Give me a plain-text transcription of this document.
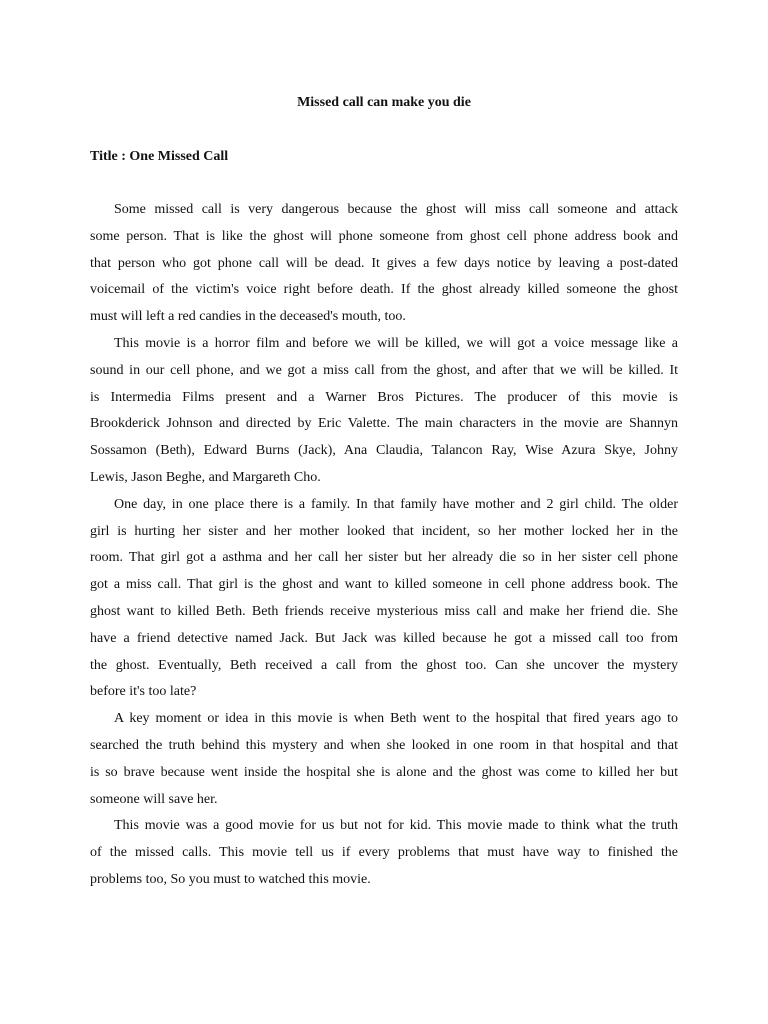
Missed call can make you die
Title : One Missed Call
Some missed call is very dangerous because the ghost will miss call someone and attack
some person. That is like the ghost will phone someone from ghost cell phone address book and
that person who got phone call will be dead. It gives a few days notice by leaving a post-dated
voicemail of the victim's voice right before death. If the ghost already killed someone the ghost
must will left a red candies in the deceased's mouth, too.
This movie is a horror film and before we will be killed, we will got a voice message like a
sound in our cell phone, and we got a miss call from the ghost, and after that we will be killed. It
is Intermedia Films present and a Warner Bros Pictures. The producer of this movie is
Brookderick Johnson and directed by Eric Valette. The main characters in the movie are Shannyn
Sossamon (Beth), Edward Burns (Jack), Ana Claudia, Talancon Ray, Wise Azura Skye, Johny
Lewis, Jason Beghe, and Margareth Cho.
One day, in one place there is a family. In that family have mother and 2 girl child. The older
girl is hurting her sister and her mother looked that incident, so her mother locked her in the
room. That girl got a asthma and her call her sister but her already die so in her sister cell phone
got a miss call. That girl is the ghost and want to killed someone in cell phone address book. The
ghost want to killed Beth. Beth friends receive mysterious miss call and make her friend die. She
have a friend detective named Jack. But Jack was killed because he got a missed call too from
the ghost. Eventually, Beth received a call from the ghost too. Can she uncover the mystery
before it's too late?
A key moment or idea in this movie is when Beth went to the hospital that fired years ago to
searched the truth behind this mystery and when she looked in one room in that hospital and that
is so brave because went inside the hospital she is alone and the ghost was come to killed her but
someone will save her.
This movie was a good movie for us but not for kid. This movie made to think what the truth
of the missed calls. This movie tell us if every problems that must have way to finished the
problems too, So you must to watched this movie.
